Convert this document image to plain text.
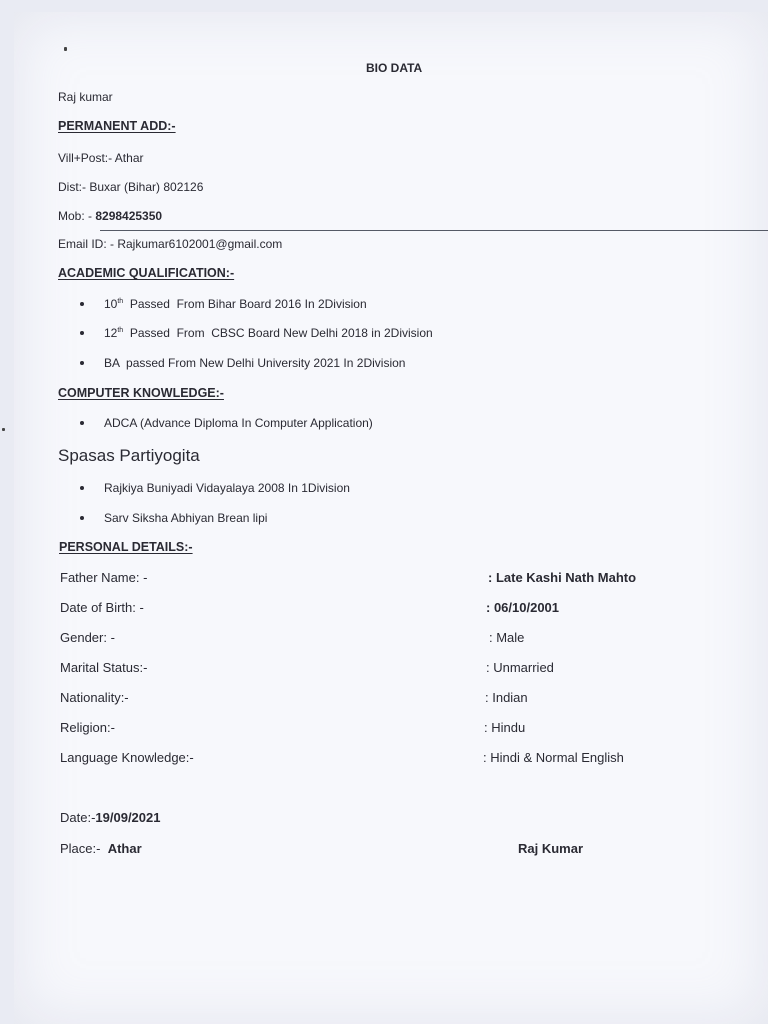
BIO DATA
Raj kumar
PERMANENT ADD:-
Vill+Post:- Athar
Dist:- Buxar (Bihar) 802126
Mob: - 8298425350
Email ID: - Rajkumar6102001@gmail.com
ACADEMIC QUALIFICATION:-
10th  Passed  From Bihar Board 2016 In 2Division
12th  Passed  From  CBSC Board New Delhi 2018 in 2Division
BA  passed From New Delhi University 2021 In 2Division
COMPUTER KNOWLEDGE:-
ADCA (Advance Diploma In Computer Application)
Spasas Partiyogita
Rajkiya Buniyadi Vidayalaya 2008 In 1Division
Sarv Siksha Abhiyan Brean lipi
PERSONAL DETAILS:-
Father Name: -	: Late Kashi Nath Mahto
Date of Birth: -	: 06/10/2001
Gender: -	: Male
Marital Status:-	: Unmarried
Nationality:-	: Indian
Religion:-	: Hindu
Language Knowledge:-	: Hindi & Normal English
Date:-19/09/2021
Place:-  Athar	Raj Kumar
